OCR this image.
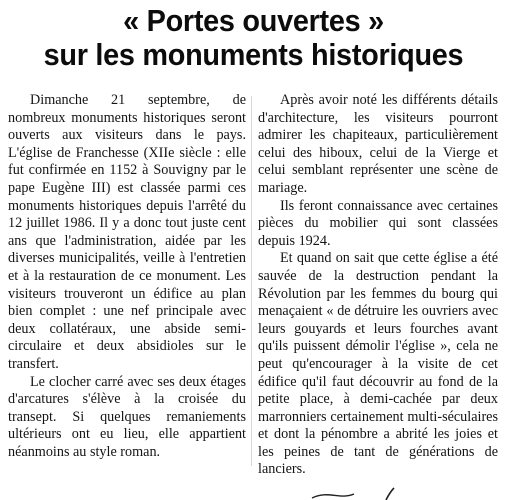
« Portes ouvertes »
sur les monuments historiques

Dimanche 21 septembre, de nombreux monuments historiques seront ouverts aux visiteurs dans le pays. L'église de Franchesse (XIIe siècle : elle fut confirmée en 1152 à Souvigny par le pape Eugène III) est classée parmi ces monuments historiques depuis l'arrêté du 12 juillet 1986. Il y a donc tout juste cent ans que l'administration, aidée par les diverses municipalités, veille à l'entretien et à la restauration de ce monument. Les visiteurs trouveront un édifice au plan bien complet : une nef principale avec deux collatéraux, une abside semicirculaire et deux absidioles sur le transfert.

Le clocher carré avec ses deux étages d'arcatures s'élève à la croisée du transept. Si quelques remaniements ultérieurs ont eu lieu, elle appartient néanmoins au style roman.

Après avoir noté les différents détails d'architecture, les visiteurs pourront admirer les chapiteaux, particulièrement celui des hiboux, celui de la Vierge et celui semblant représenter une scène de mariage.

Ils feront connaissance avec certaines pièces du mobilier qui sont classées depuis 1924.

Et quand on sait que cette église a été sauvée de la destruction pendant la Révolution par les femmes du bourg qui menaçaient « de détruire les ouvriers avec leurs gouyards et leurs fourches avant qu'ils puissent démolir l'église », cela ne peut qu'encourager à la visite de cet édifice qu'il faut découvrir au fond de la petite place, à demi-cachée par deux marronniers certainement multi-séculaires et dont la pénombre a abrité les joies et les peines de tant de générations de lanciers.
